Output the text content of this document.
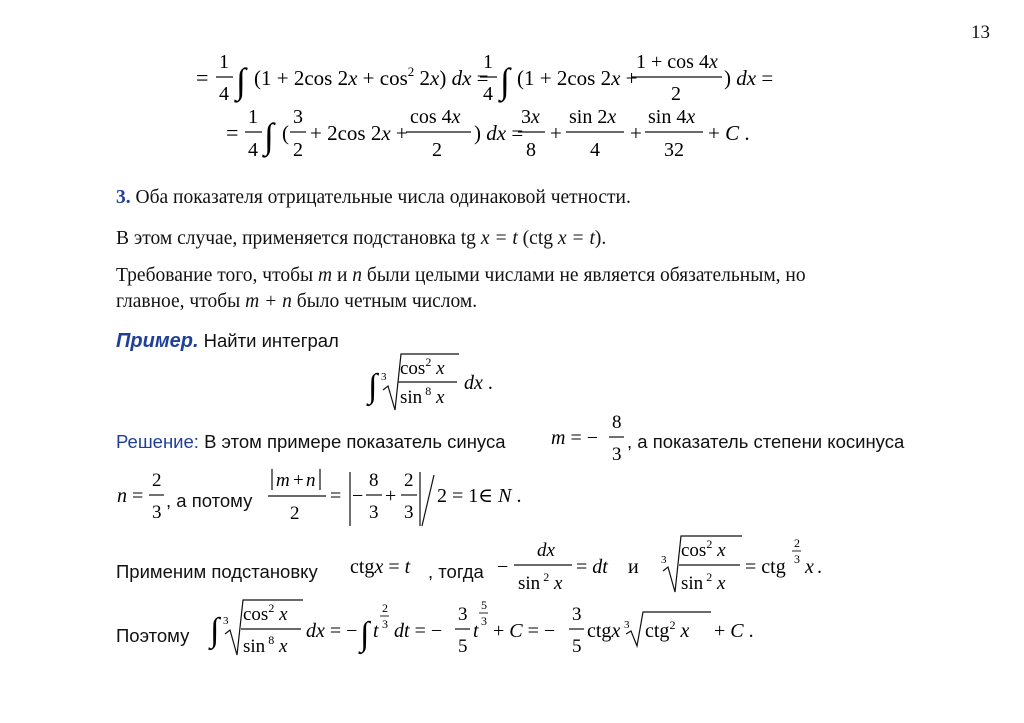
13
=
1
4 ∫ (1 + 2cos $2x + \cos^2 2x$) dx =
1
4 ∫ (1 + 2cos 2x +
1 + cos 4x
2
) dx =
=
1
4 ∫ (
3
2
+ 2cos 2x +
cos 4x
2
) dx =
3x
8
+
sin 2x
4
+
sin 4x
32
+ C .
∫ 3 $\cos^2 x$
sin $^8$ x
dx .
m = −
8
3
n =
2
3
m + n
2
= −
8
3
+
2
3
2 = 1∈ N .
ctgx = t	−
dx
sin $^2$ x
= dt и 3 $\cos^2 x$
sin $^2$ x
= ctg
2
3 x .
∫ 3 $\cos^2 x$
sin $^8$ x
dx = − ∫ t
2
3 dt = −
3
5
t
5
3 + C = −
3
5
ctgx 3 ctg$^2$ x + C .
3. Оба показателя отрицательные числа одинаковой четности.
В этом случае, применяется подстановка tg x = t (ctg x = t).
Требование того, чтобы m и n были целыми числами не является обязательным, но
главное, чтобы m + n было четным числом.
Пример. Найти интеграл
Решение: В этом примере показатель синуса	, а показатель степени косинуса
, а потому
Применим подстановку	, тогда
Поэтому
